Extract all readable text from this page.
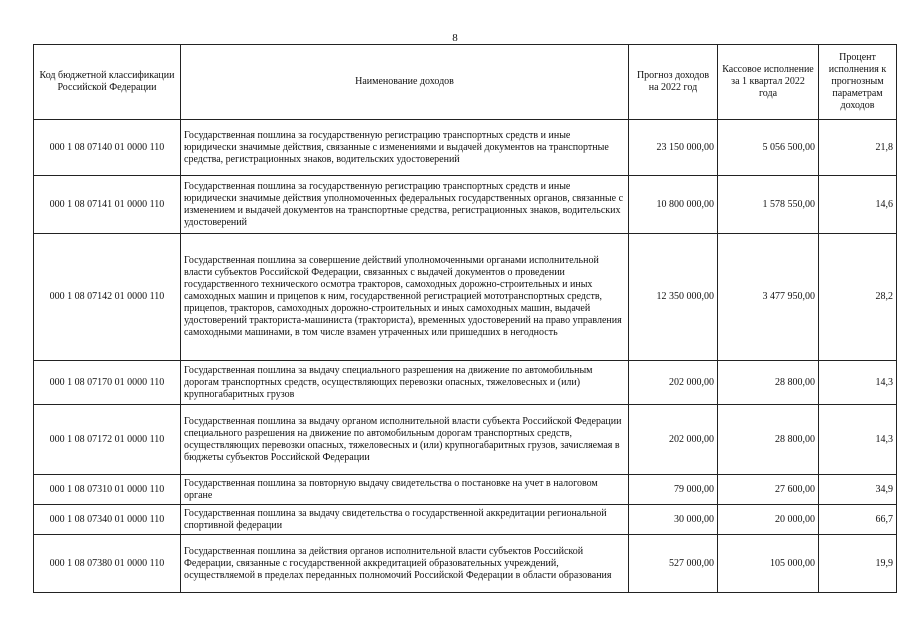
8
Код бюджетной классификации Российской Федерации	Наименование доходов	Прогноз доходов на 2022 год	Кассовое исполнение за 1 квартал 2022 года	Процент исполнения к прогнозным параметрам доходов
000 1 08 07140 01 0000 110	Государственная пошлина за государственную регистрацию транспортных средств и иные юридически значимые действия, связанные с изменениями и выдачей документов на транспортные средства, регистрационных знаков, водительских удостоверений	23 150 000,00	5 056 500,00	21,8
000 1 08 07141 01 0000 110	Государственная пошлина за государственную регистрацию транспортных средств и иные юридически значимые действия уполномоченных федеральных государственных органов, связанные с изменением и выдачей документов на транспортные средства, регистрационных знаков, водительских удостоверений	10 800 000,00	1 578 550,00	14,6
000 1 08 07142 01 0000 110	Государственная пошлина за совершение действий уполномоченными органами исполнительной власти субъектов Российской Федерации, связанных с выдачей документов о проведении государственного технического осмотра тракторов, самоходных дорожно-строительных и иных самоходных машин и прицепов к ним, государственной регистрацией мототранспортных средств, прицепов, тракторов, самоходных дорожно-строительных и иных самоходных машин, выдачей удостоверений тракториста-машиниста (тракториста), временных удостоверений на право управления самоходными машинами, в том числе взамен утраченных или пришедших в негодность	12 350 000,00	3 477 950,00	28,2
000 1 08 07170 01 0000 110	Государственная пошлина за выдачу специального разрешения на движение по автомобильным дорогам транспортных средств, осуществляющих перевозки опасных, тяжеловесных и (или) крупногабаритных грузов	202 000,00	28 800,00	14,3
000 1 08 07172 01 0000 110	Государственная пошлина за выдачу органом исполнительной власти субъекта Российской Федерации специального разрешения на движение по автомобильным дорогам транспортных средств, осуществляющих перевозки опасных, тяжеловесных и (или) крупногабаритных грузов, зачисляемая в бюджеты субъектов Российской Федерации	202 000,00	28 800,00	14,3
000 1 08 07310 01 0000 110	Государственная пошлина за повторную выдачу свидетельства о постановке на учет в налоговом органе	79 000,00	27 600,00	34,9
000 1 08 07340 01 0000 110	Государственная пошлина за выдачу свидетельства о государственной аккредитации региональной спортивной федерации	30 000,00	20 000,00	66,7
000 1 08 07380 01 0000 110	Государственная пошлина за действия органов исполнительной власти субъектов Российской Федерации, связанные с государственной аккредитацией образовательных учреждений, осуществляемой в пределах переданных полномочий Российской Федерации в области образования	527 000,00	105 000,00	19,9
